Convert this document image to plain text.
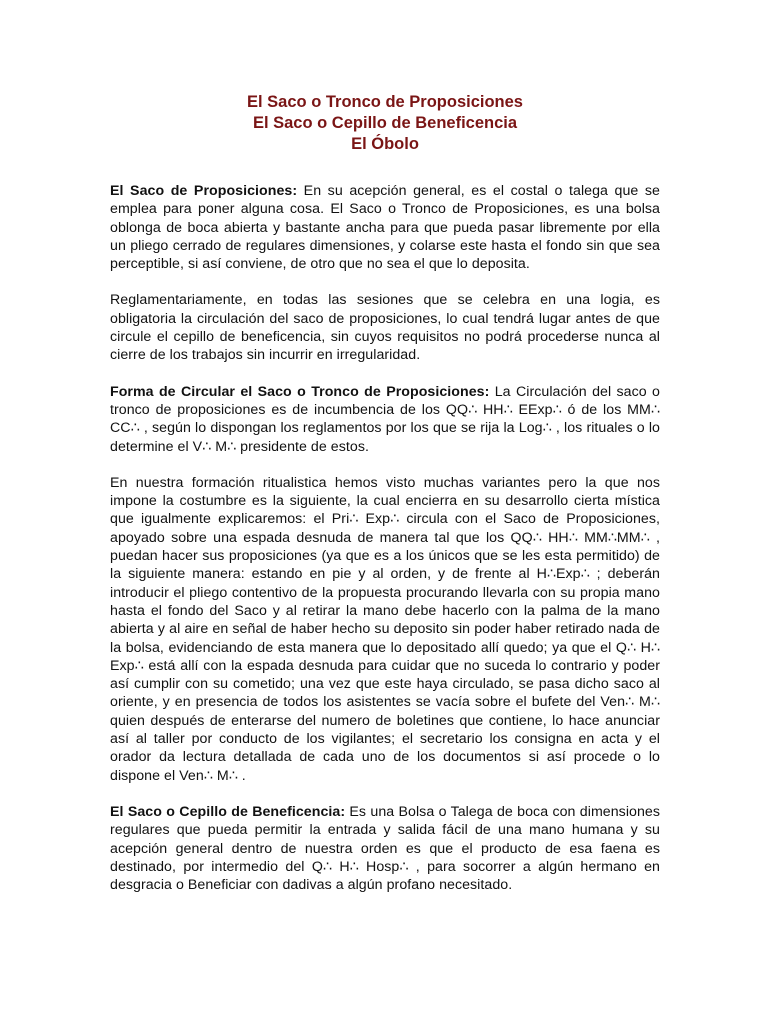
El Saco o Tronco de Proposiciones
El Saco o Cepillo de Beneficencia
El Óbolo

El Saco de Proposiciones: En su acepción general, es el costal o talega que se emplea para poner alguna cosa. El Saco o Tronco de Proposiciones, es una bolsa oblonga de boca abierta y bastante ancha para que pueda pasar libremente por ella un pliego cerrado de regulares dimensiones, y colarse este hasta el fondo sin que sea perceptible, si así conviene, de otro que no sea el que lo deposita.

Reglamentariamente, en todas las sesiones que se celebra en una logia, es obligatoria la circulación del saco de proposiciones, lo cual tendrá lugar antes de que circule el cepillo de beneficencia, sin cuyos requisitos no podrá procederse nunca al cierre de los trabajos sin incurrir en irregularidad.

Forma de Circular el Saco o Tronco de Proposiciones: La Circulación del saco o tronco de proposiciones es de incumbencia de los QQ∴ HH∴ EExp∴ ó de los MM∴ CC∴ , según lo dispongan los reglamentos por los que se rija la Log∴ , los rituales o lo determine el V∴ M∴ presidente de estos.

En nuestra formación ritualistica hemos visto muchas variantes pero la que nos impone la costumbre es la siguiente, la cual encierra en su desarrollo cierta mística que igualmente explicaremos: el Pri∴ Exp∴ circula con el Saco de Proposiciones, apoyado sobre una espada desnuda de manera tal que los QQ∴ HH∴ MM∴MM∴ , puedan hacer sus proposiciones (ya que es a los únicos que se les esta permitido) de la siguiente manera: estando en pie y al orden, y de frente al H∴Exp∴ ; deberán introducir el pliego contentivo de la propuesta procurando llevarla con su propia mano hasta el fondo del Saco y al retirar la mano debe hacerlo con la palma de la mano abierta y al aire en señal de haber hecho su deposito sin poder haber retirado nada de la bolsa, evidenciando de esta manera que lo depositado allí quedo; ya que el Q∴ H∴ Exp∴ está allí con la espada desnuda para cuidar que no suceda lo contrario y poder así cumplir con su cometido; una vez que este haya circulado, se pasa dicho saco al oriente, y en presencia de todos los asistentes se vacía sobre el bufete del Ven∴ M∴ quien después de enterarse del numero de boletines que contiene, lo hace anunciar así al taller por conducto de los vigilantes; el secretario los consigna en acta y el orador da lectura detallada de cada uno de los documentos si así procede o lo dispone el Ven∴ M∴ .

El Saco o Cepillo de Beneficencia: Es una Bolsa o Talega de boca con dimensiones regulares que pueda permitir la entrada y salida fácil de una mano humana y su acepción general dentro de nuestra orden es que el producto de esa faena es destinado, por intermedio del Q∴ H∴ Hosp∴ , para socorrer a algún hermano en desgracia o Beneficiar con dadivas a algún profano necesitado.
